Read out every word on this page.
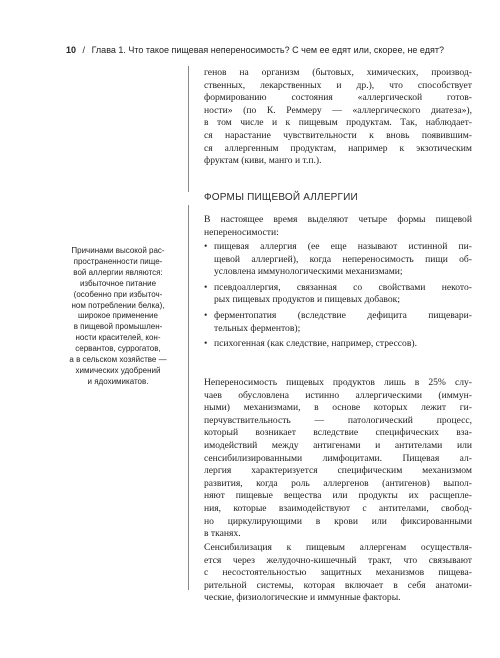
10 / Глава 1. Что такое пищевая непереносимость? С чем ее едят или, скорее, не едят?
генов на организм (бытовых, химических, производ-
ственных, лекарственных и др.), что способствует
формированию состояния «аллергической готов-
ности» (по К. Реммеру — «аллергического диатеза»),
в том числе и к пищевым продуктам. Так, наблюдает-
ся нарастание чувствительности к вновь появившим-
ся аллергенным продуктам, например к экзотическим
фруктам (киви, манго и т.п.).
ФОРМЫ ПИЩЕВОЙ АЛЛЕРГИИ
Причинами высокой рас-
пространенности пище-
вой аллергии являются:
избыточное питание
(особенно при избыточ-
ном потреблении белка),
широкое применение
в пищевой промышлен-
ности красителей, кон-
сервантов, суррогатов,
а в сельском хозяйстве —
химических удобрений
и ядохимикатов.
В настоящее время выделяют четыре формы пищевой
непереносимости:
• пищевая аллергия (ее еще называют истинной пи-
щевой аллергией), когда непереносимость пищи об-
условлена иммунологическими механизмами;
• псевдоаллергия, связанная со свойствами некото-
рых пищевых продуктов и пищевых добавок;
• ферментопатия (вследствие дефицита пищевари-
тельных ферментов);
• психогенная (как следствие, например, стрессов).
Непереносимость пищевых продуктов лишь в 25% слу-
чаев обусловлена истинно аллергическими (иммун-
ными) механизмами, в основе которых лежит ги-
перчувствительность — патологический процесс,
который возникает вследствие специфических вза-
имодействий между антигенами и антителами или
сенсибилизированными лимфоцитами. Пищевая ал-
лергия характеризуется специфическим механизмом
развития, когда роль аллергенов (антигенов) выпол-
няют пищевые вещества или продукты их расщепле-
ния, которые взаимодействуют с антителами, свобод-
но циркулирующими в крови или фиксированными
в тканях.
Сенсибилизация к пищевым аллергенам осуществля-
ется через желудочно-кишечный тракт, что связывают
с несостоятельностью защитных механизмов пищева-
рительной системы, которая включает в себя анатоми-
ческие, физиологические и иммунные факторы.
